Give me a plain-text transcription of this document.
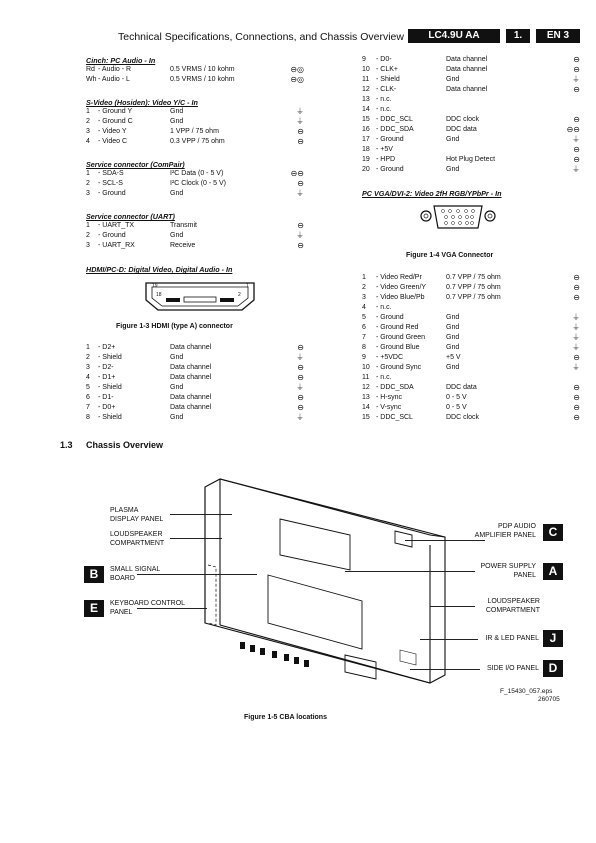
Technical Specifications, Connections, and Chassis Overview	LC4.9U AA	1.	EN 3
Cinch: PC Audio - In
Rd - Audio - R	0.5 VRMS / 10 kohm	⊖◎
Wh - Audio - L	0.5 VRMS / 10 kohm	⊖◎
S-Video (Hosiden): Video Y/C - In
1 - Ground Y	Gnd	⏚
2 - Ground C	Gnd	⏚
3 - Video Y	1 VPP / 75 ohm	⊖
4 - Video C	0.3 VPP / 75 ohm	⊖
Service connector (ComPair)
1 - SDA-S	I²C Data (0 - 5 V)	⊖⊖
2 - SCL-S	I²C Clock (0 - 5 V)	⊖
3 - Ground	Gnd	⏚
Service connector (UART)
1 - UART_TX	Transmit	⊖
2 - Ground	Gnd	⏚
3 - UART_RX	Receive	⊖
HDMI/PC-D: Digital Video, Digital Audio - In
19	1
18	2
Figure 1-3 HDMI (type A) connector
1 - D2+	Data channel	⊖
2 - Shield	Gnd	⏚
3 - D2-	Data channel	⊖
4 - D1+	Data channel	⊖
5 - Shield	Gnd	⏚
6 - D1-	Data channel	⊖
7 - D0+	Data channel	⊖
8 - Shield	Gnd	⏚
9 - D0-	Data channel	⊖
10 - CLK+	Data channel	⊖
11 - Shield	Gnd	⏚
12 - CLK-	Data channel	⊖
13 - n.c.
14 - n.c.
15 - DDC_SCL	DDC clock	⊖
16 - DDC_SDA	DDC data	⊖⊖
17 - Ground	Gnd	⏚
18 - +5V	⊖
19 - HPD	Hot Plug Detect	⊖
20 - Ground	Gnd	⏚
PC VGA/DVI-2: Video 2fH RGB/YPbPr - In
Figure 1-4 VGA Connector
1 - Video Red/Pr	0.7 VPP / 75 ohm	⊖
2 - Video Green/Y	0.7 VPP / 75 ohm	⊖
3 - Video Blue/Pb	0.7 VPP / 75 ohm	⊖
4 - n.c.
5 - Ground	Gnd	⏚
6 - Ground Red	Gnd	⏚
7 - Ground Green	Gnd	⏚
8 - Ground Blue	Gnd	⏚
9 - +5VDC	+5 V	⊖
10 - Ground Sync	Gnd	⏚
11 - n.c.
12 - DDC_SDA	DDC data	⊖
13 - H-sync	0 - 5 V	⊖
14 - V-sync	0 - 5 V	⊖
15 - DDC_SCL	DDC clock	⊖
1.3 Chassis Overview
PLASMA
DISPLAY PANEL
LOUDSPEAKER
COMPARTMENT
B	SMALL SIGNAL
BOARD
E	KEYBOARD CONTROL
PANEL
PDP AUDIO
AMPLIFIER PANEL	C
POWER SUPPLY
PANEL	A
LOUDSPEAKER
COMPARTMENT
IR & LED PANEL J
SIDE I/O PANEL D
F_15430_057.eps
260705
Figure 1-5 CBA locations
